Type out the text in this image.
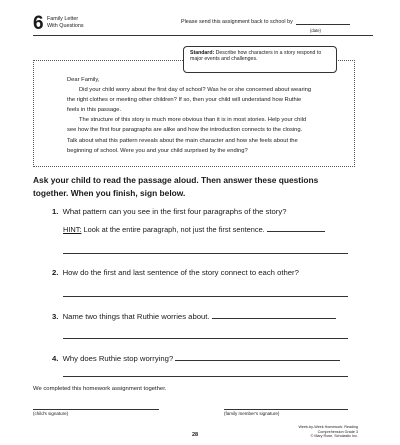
6 Family Letter
With Questions
Please send this assignment back to school by
(date)
Standard: Describe how characters in a story respond to
major events and challenges.

Dear Family,

Did your child worry about the first day of school? Was he or she concerned about wearing

the right clothes or meeting other children? If so, then your child will understand how Ruthie

feels in this passage.

The structure of this story is much more obvious than it is in most stories. Help your child

see how the first four paragraphs are alike and how the introduction connects to the closing.

Talk about what this pattern reveals about the main character and how she feels about the

beginning of school. Were you and your child surprised by the ending?

Ask your child to read the passage aloud. Then answer these questions
together. When you finish, sign below.
1. What pattern can you see in the first four paragraphs of the story?
HINT: Look at the entire paragraph, not just the first sentence.
2. How do the first and last sentence of the story connect to each other?
3. Name two things that Ruthie worries about.
4. Why does Ruthie stop worrying?
We completed this homework assignment together.
(child's signature)	(family member's signature)
28
Week-by-Week Homework: Reading Comprehension Grade 3
© Mary Rose, Scholastic Inc.
